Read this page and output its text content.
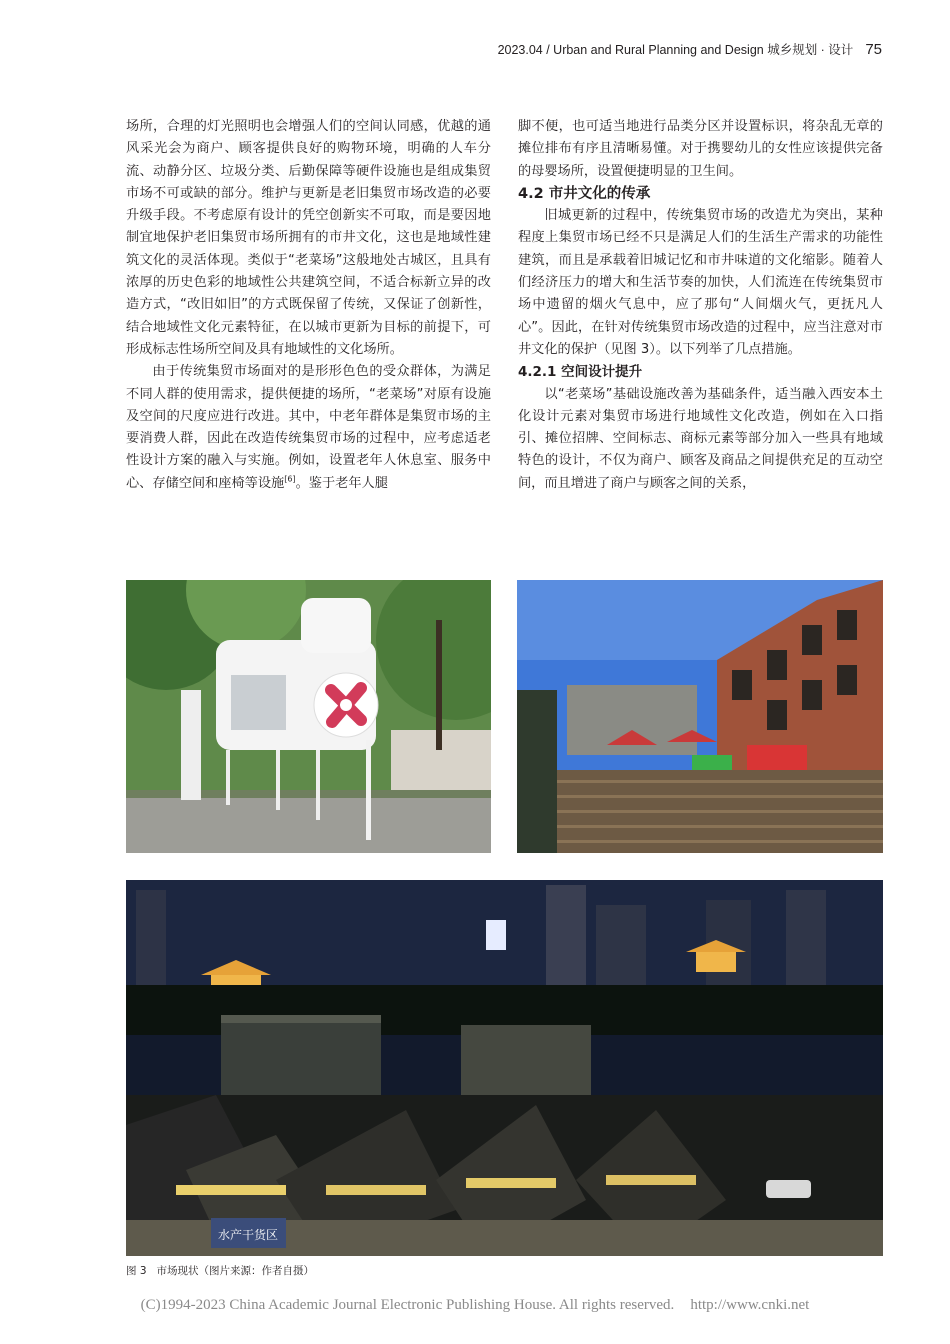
2023.04 / Urban and Rural Planning and Design 城乡规划 · 设计 75

场所，合理的灯光照明也会增强人们的空间认同感，优越的通风采光会为商户、顾客提供良好的购物环境，明确的人车分流、动静分区、垃圾分类、后勤保障等硬件设施也是组成集贸市场不可或缺的部分。维护与更新是老旧集贸市场改造的必要升级手段。不考虑原有设计的凭空创新实不可取，而是要因地制宜地保护老旧集贸市场所拥有的市井文化，这也是地域性建筑文化的灵活体现。类似于“老菜场”这般地处古城区，且具有浓厚的历史色彩的地域性公共建筑空间，不适合标新立异的改造方式，“改旧如旧”的方式既保留了传统，又保证了创新性，结合地域性文化元素特征，在以城市更新为目标的前提下，可形成标志性场所空间及具有地域性的文化场所。

由于传统集贸市场面对的是形形色色的受众群体，为满足不同人群的使用需求，提供便捷的场所，“老菜场”对原有设施及空间的尺度应进行改进。其中，中老年群体是集贸市场的主要消费人群，因此在改造传统集贸市场的过程中，应考虑适老性设计方案的融入与实施。例如，设置老年人休息室、服务中心、存储空间和座椅等设施[6]。鉴于老年人腿

脚不便，也可适当地进行品类分区并设置标识，将杂乱无章的摊位排布有序且清晰易懂。对于携婴幼儿的女性应该提供完备的母婴场所，设置便捷明显的卫生间。

4.2 市井文化的传承

旧城更新的过程中，传统集贸市场的改造尤为突出，某种程度上集贸市场已经不只是满足人们的生活生产需求的功能性建筑，而且是承载着旧城记忆和市井味道的文化缩影。随着人们经济压力的增大和生活节奏的加快，人们流连在传统集贸市场中遗留的烟火气息中，应了那句“人间烟火气，更抚凡人心”。因此，在针对传统集贸市场改造的过程中，应当注意对市井文化的保护（见图 3）。以下列举了几点措施。

4.2.1 空间设计提升

以“老菜场”基础设施改善为基础条件，适当融入西安本土化设计元素对集贸市场进行地域性文化改造，例如在入口指引、摊位招牌、空间标志、商标元素等部分加入一些具有地域特色的设计，不仅为商户、顾客及商品之间提供充足的互动空间，而且增进了商户与顾客之间的关系，

水产干货区
图 3 市场现状（图片来源：作者自摄）
(C)1994-2023 China Academic Journal Electronic Publishing House. All rights reserved. http://www.cnki.net
